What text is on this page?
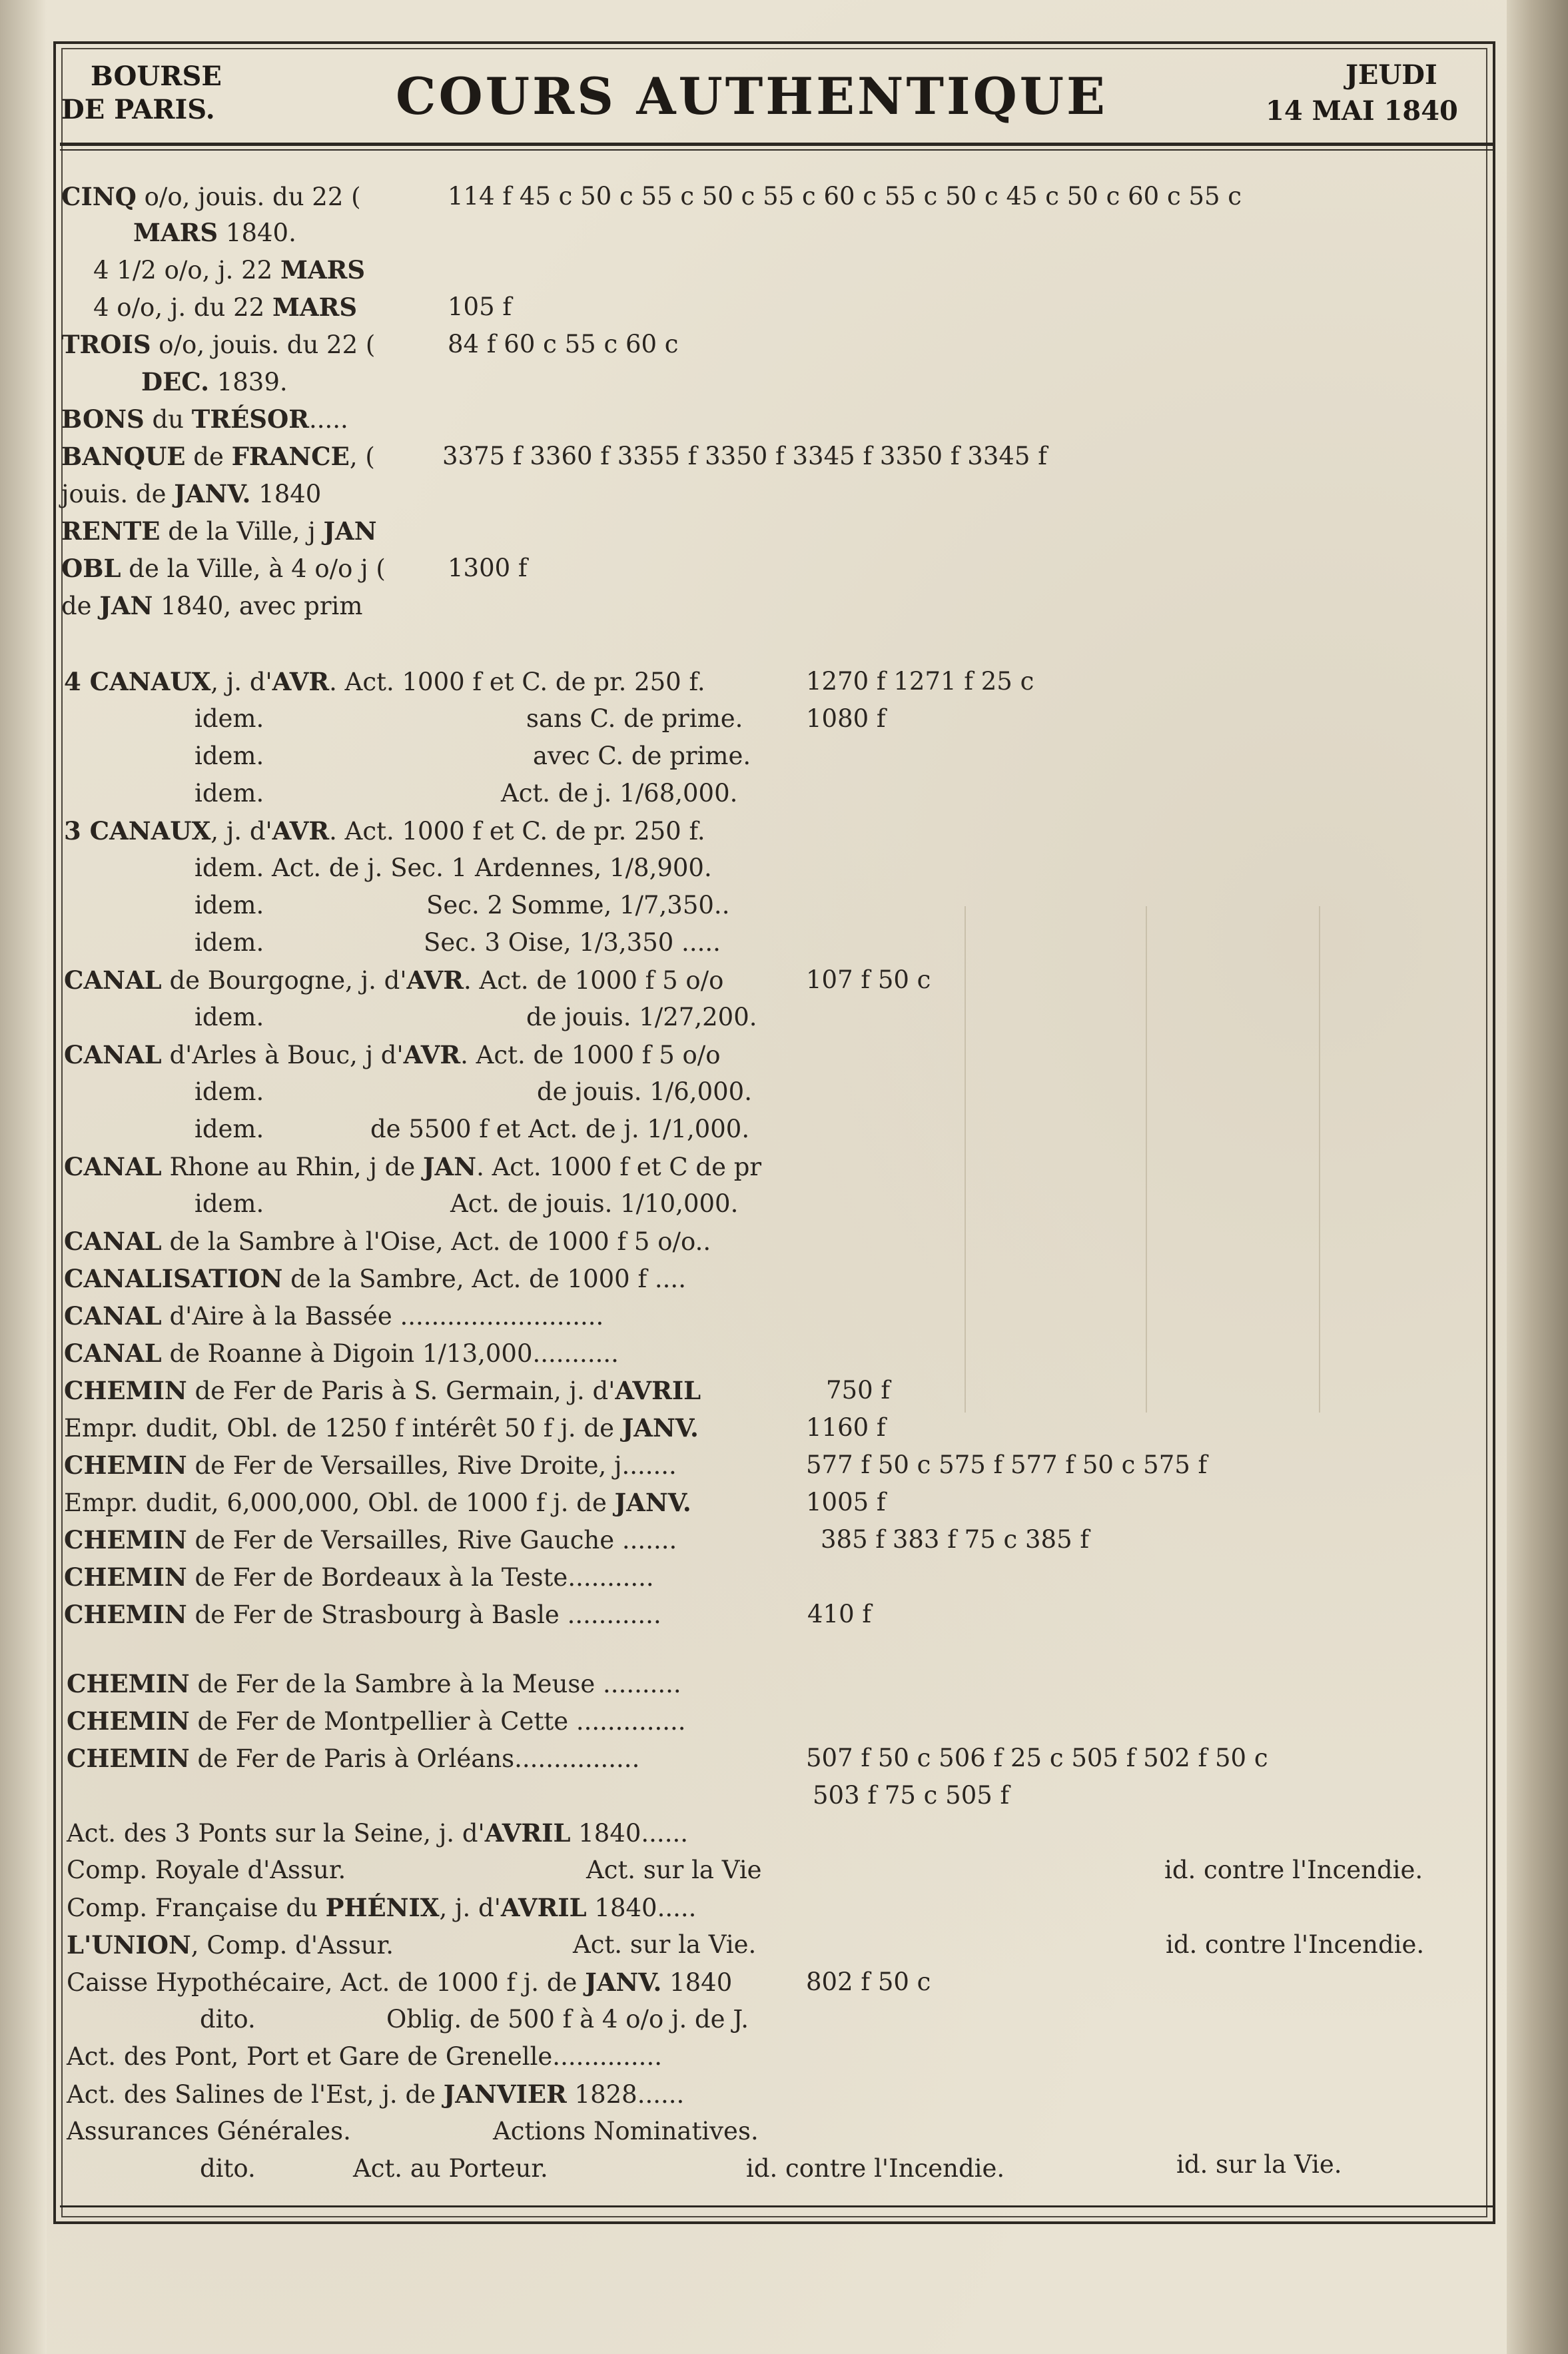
BOURSE
DE PARIS.	COURS AUTHENTIQUE	JEUDI
14 MAI 1840
CINQ o/o, jouis. du 22 (	114 f 45 c 50 c 55 c 50 c 55 c 60 c 55 c 50 c 45 c 50 c 60 c 55 c
MARS 1840.
4 1/2 o/o, j. 22 MARS
4 o/o, j. du 22 MARS	105 f
TROIS o/o, jouis. du 22 (	84 f 60 c 55 c 60 c
DEC. 1839.
BONS du TRÉSOR.....
BANQUE de FRANCE, (	3375 f 3360 f 3355 f 3350 f 3345 f 3350 f 3345 f
jouis. de JANV. 1840
RENTE de la Ville, j JAN
OBL de la Ville, à 4 o/o j (	1300 f
de JAN 1840, avec prim
4 CANAUX, j. d'AVR. Act. 1000 f et C. de pr. 250 f.	1270 f 1271 f 25 c
idem.	sans C. de prime.	1080 f
idem.	avec C. de prime.
idem.	Act. de j. 1/68,000.
3 CANAUX, j. d'AVR. Act. 1000 f et C. de pr. 250 f.
idem. Act. de j. Sec. 1 Ardennes, 1/8,900.
idem.	Sec. 2 Somme, 1/7,350..
idem.	Sec. 3 Oise, 1/3,350 .....
CANAL de Bourgogne, j. d'AVR. Act. de 1000 f 5 o/o	107 f 50 c
idem.	de jouis. 1/27,200.
CANAL d'Arles à Bouc, j d'AVR. Act. de 1000 f 5 o/o
idem.	de jouis. 1/6,000.
idem.	de 5500 f et Act. de j. 1/1,000.
CANAL Rhone au Rhin, j de JAN. Act. 1000 f et C de pr
idem.	Act. de jouis. 1/10,000.
CANAL de la Sambre à l'Oise, Act. de 1000 f 5 o/o..
CANALISATION de la Sambre, Act. de 1000 f ....
CANAL d'Aire à la Bassée ..........................
CANAL de Roanne à Digoin 1/13,000...........
CHEMIN de Fer de Paris à S. Germain, j. d'AVRIL	750 f
Empr. dudit, Obl. de 1250 f intérêt 50 f j. de JANV.	1160 f
CHEMIN de Fer de Versailles, Rive Droite, j.......	577 f 50 c 575 f 577 f 50 c 575 f
Empr. dudit, 6,000,000, Obl. de 1000 f j. de JANV.	1005 f
CHEMIN de Fer de Versailles, Rive Gauche .......	385 f 383 f 75 c 385 f
CHEMIN de Fer de Bordeaux à la Teste...........
CHEMIN de Fer de Strasbourg à Basle ............	410 f
CHEMIN de Fer de la Sambre à la Meuse ..........
CHEMIN de Fer de Montpellier à Cette ..............
CHEMIN de Fer de Paris à Orléans................	507 f 50 c 506 f 25 c 505 f 502 f 50 c
503 f 75 c 505 f
Act. des 3 Ponts sur la Seine, j. d'AVRIL 1840......
Comp. Royale d'Assur.	Act. sur la Vie	id. contre l'Incendie.
Comp. Française du PHÉNIX, j. d'AVRIL 1840.....
L'UNION, Comp. d'Assur.	Act. sur la Vie.	id. contre l'Incendie.
Caisse Hypothécaire, Act. de 1000 f j. de JANV. 1840	802 f 50 c
dito.	Oblig. de 500 f à 4 o/o j. de J.
Act. des Pont, Port et Gare de Grenelle..............
Act. des Salines de l'Est, j. de JANVIER 1828......
Assurances Générales.	Actions Nominatives.
dito.	Act. au Porteur.	id. contre l'Incendie.	id. sur la Vie.
